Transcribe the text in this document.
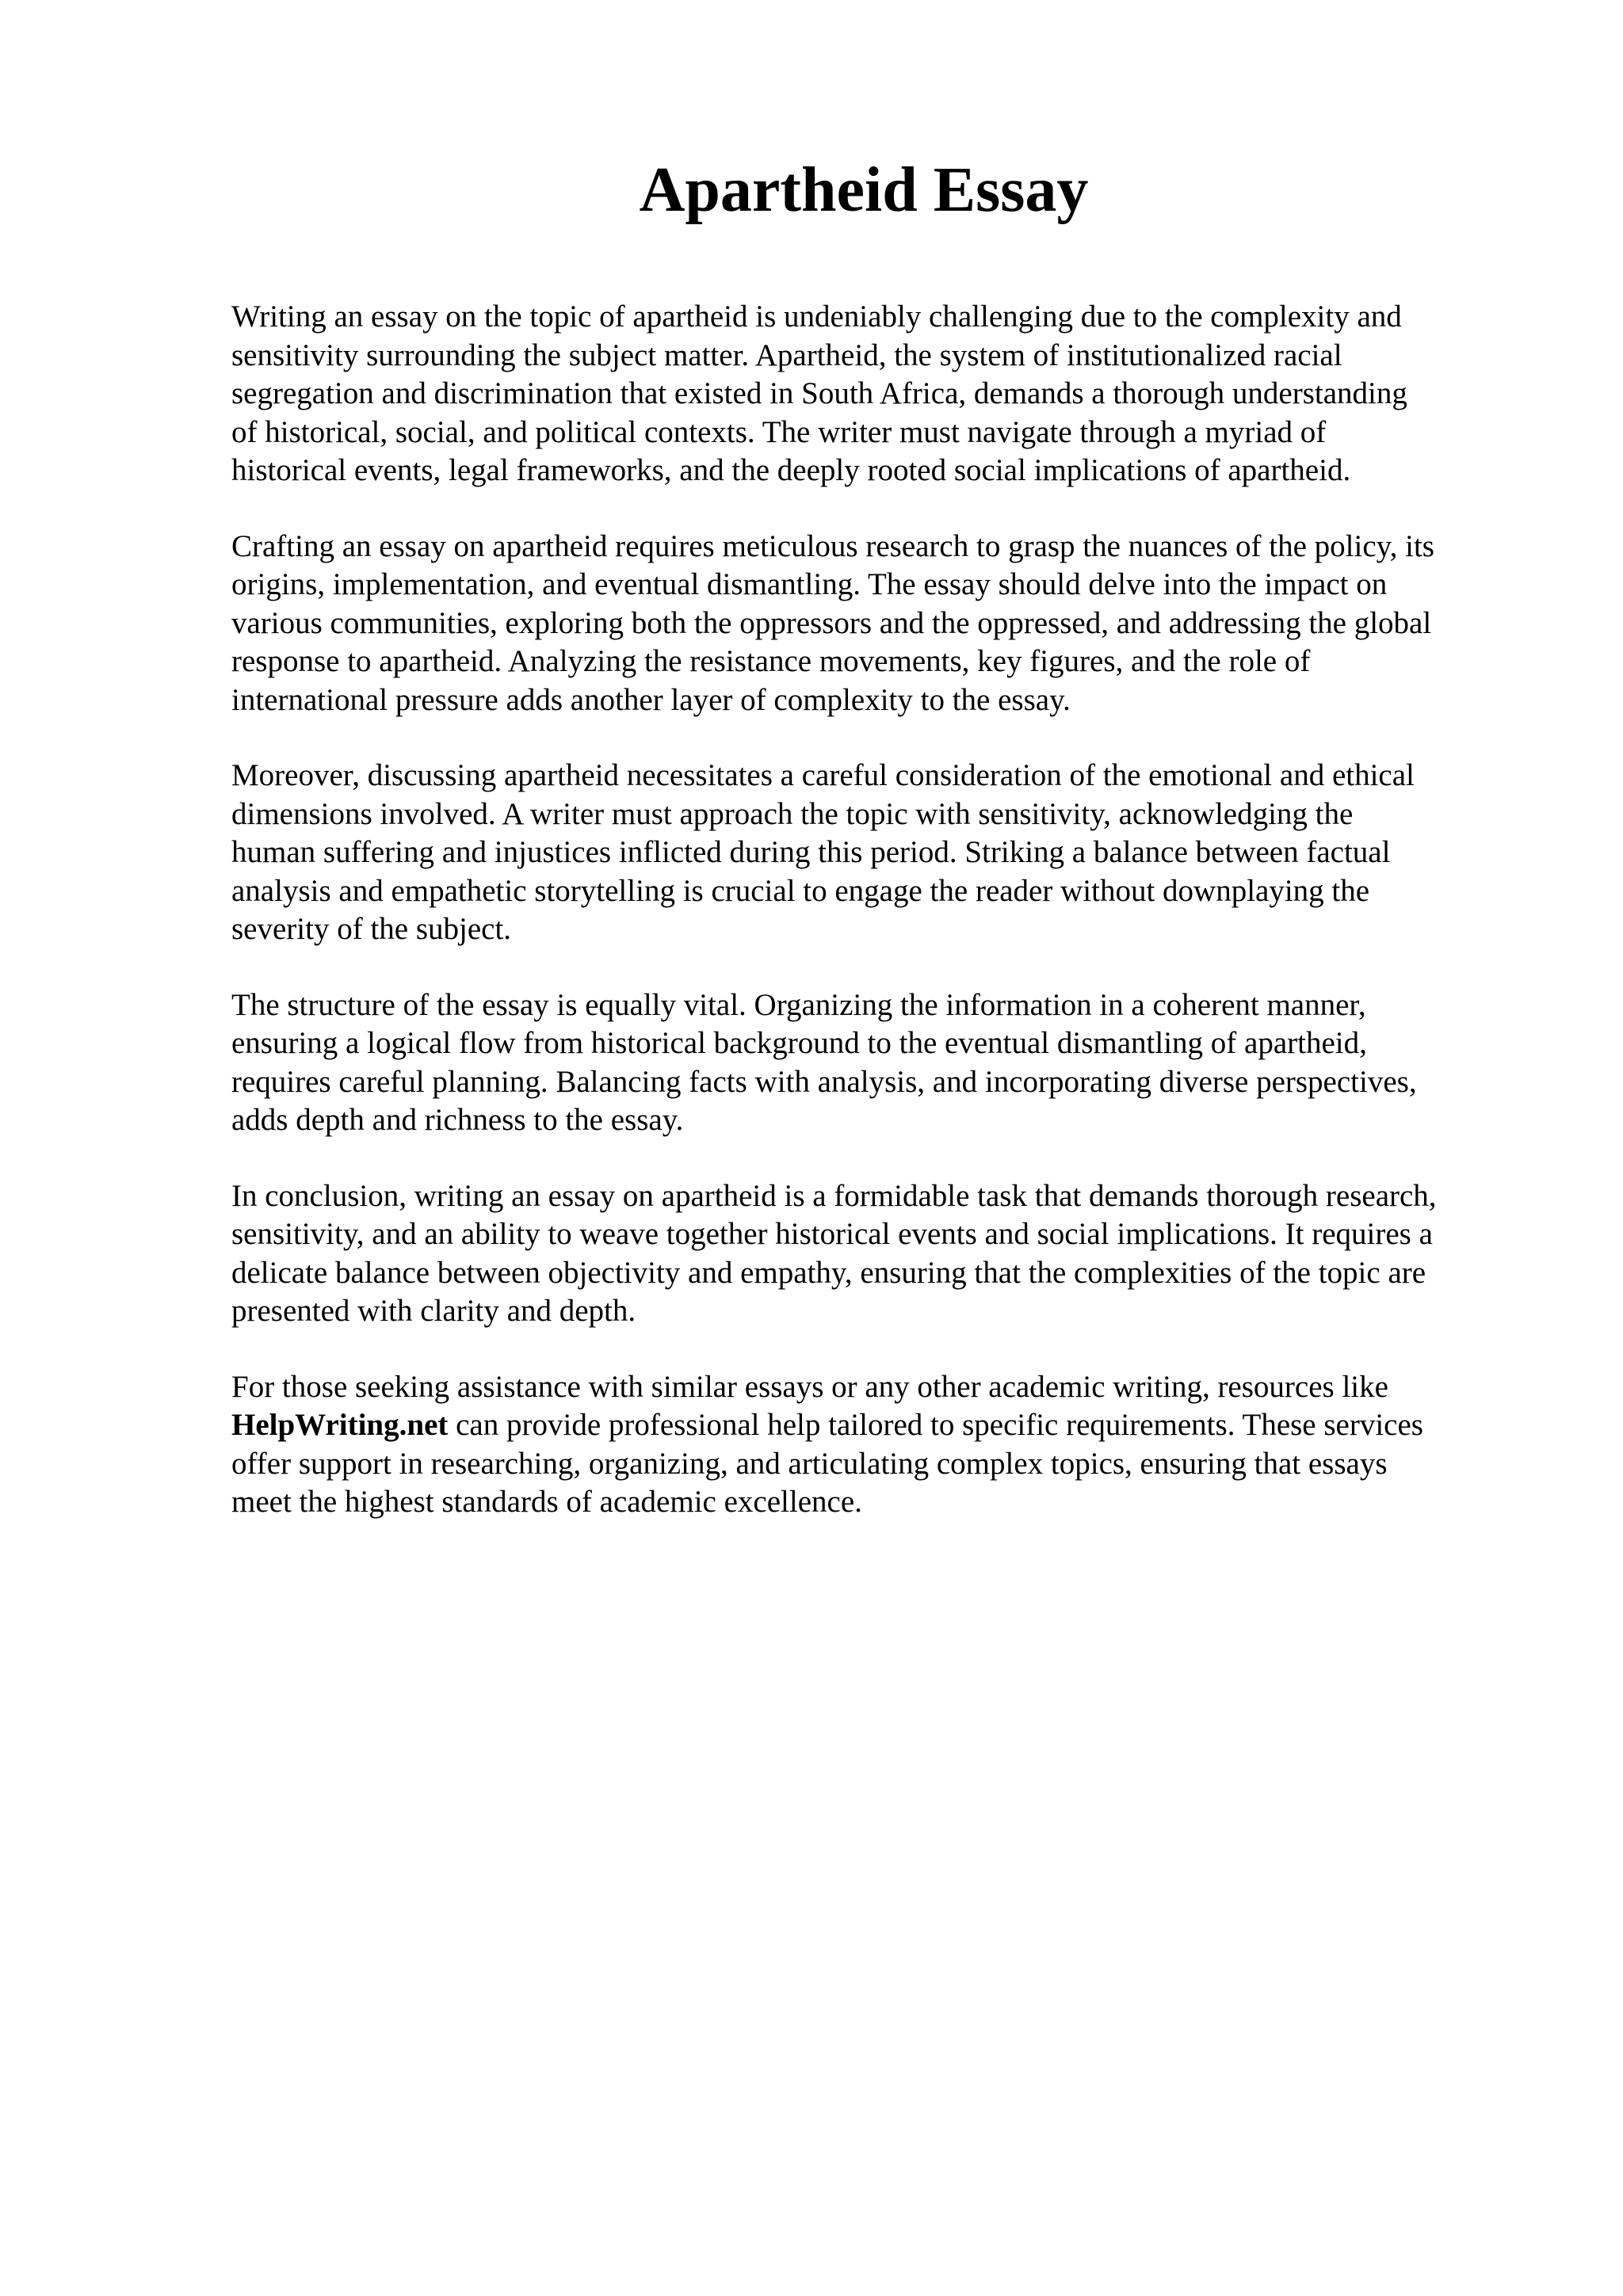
Apartheid Essay

Writing an essay on the topic of apartheid is undeniably challenging due to the complexity and
sensitivity surrounding the subject matter. Apartheid, the system of institutionalized racial
segregation and discrimination that existed in South Africa, demands a thorough understanding
of historical, social, and political contexts. The writer must navigate through a myriad of
historical events, legal frameworks, and the deeply rooted social implications of apartheid.

Crafting an essay on apartheid requires meticulous research to grasp the nuances of the policy, its
origins, implementation, and eventual dismantling. The essay should delve into the impact on
various communities, exploring both the oppressors and the oppressed, and addressing the global
response to apartheid. Analyzing the resistance movements, key figures, and the role of
international pressure adds another layer of complexity to the essay.

Moreover, discussing apartheid necessitates a careful consideration of the emotional and ethical
dimensions involved. A writer must approach the topic with sensitivity, acknowledging the
human suffering and injustices inflicted during this period. Striking a balance between factual
analysis and empathetic storytelling is crucial to engage the reader without downplaying the
severity of the subject.

The structure of the essay is equally vital. Organizing the information in a coherent manner,
ensuring a logical flow from historical background to the eventual dismantling of apartheid,
requires careful planning. Balancing facts with analysis, and incorporating diverse perspectives,
adds depth and richness to the essay.

In conclusion, writing an essay on apartheid is a formidable task that demands thorough research,
sensitivity, and an ability to weave together historical events and social implications. It requires a
delicate balance between objectivity and empathy, ensuring that the complexities of the topic are
presented with clarity and depth.

For those seeking assistance with similar essays or any other academic writing, resources like
HelpWriting.net can provide professional help tailored to specific requirements. These services
offer support in researching, organizing, and articulating complex topics, ensuring that essays
meet the highest standards of academic excellence.
